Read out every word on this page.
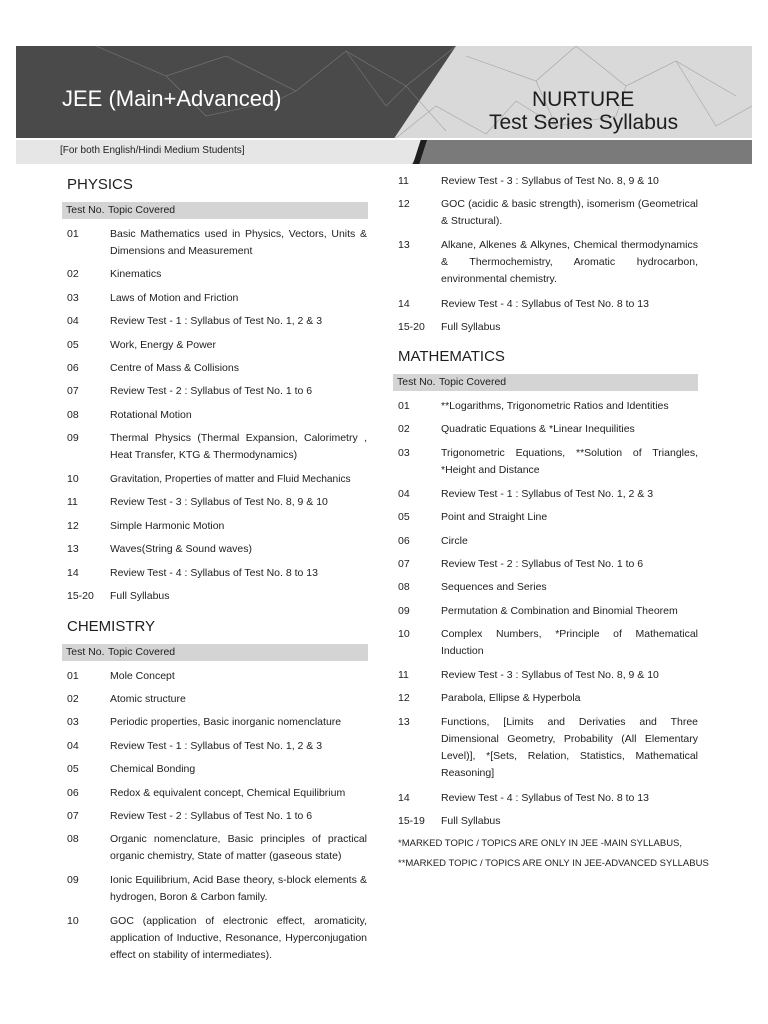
JEE (Main+Advanced)	NURTURE
Test Series Syllabus
[For both English/Hindi Medium Students]
PHYSICS
Test No. Topic Covered
01	Basic Mathematics used in Physics, Vectors, Units & Dimensions and Measurement
02	Kinematics
03	Laws of Motion and Friction
04	Review Test - 1 : Syllabus of Test No. 1, 2 & 3
05	Work, Energy & Power
06	Centre of Mass & Collisions
07	Review Test - 2 : Syllabus of Test No. 1 to 6
08	Rotational Motion
09	Thermal Physics (Thermal Expansion, Calorimetry , Heat Transfer, KTG & Thermodynamics)
10	Gravitation, Properties of matter and Fluid Mechanics
11	Review Test - 3 : Syllabus of Test No. 8, 9 & 10
12	Simple Harmonic Motion
13	Waves(String & Sound waves)
14	Review Test - 4 : Syllabus of Test No. 8 to 13
15-20	Full Syllabus
CHEMISTRY
Test No. Topic Covered
01	Mole Concept
02	Atomic structure
03	Periodic properties, Basic inorganic nomenclature
04	Review Test - 1 : Syllabus of Test No. 1, 2 & 3
05	Chemical Bonding
06	Redox & equivalent concept, Chemical Equilibrium
07	Review Test - 2 : Syllabus of Test No. 1 to 6
08	Organic nomenclature, Basic principles of practical organic chemistry, State of matter (gaseous state)
09	Ionic Equilibrium, Acid Base theory, s-block elements & hydrogen, Boron & Carbon family.
10	GOC (application of electronic effect, aromaticity, application of Inductive, Resonance, Hyperconjugation effect on stability of intermediates).
11	Review Test - 3 : Syllabus of Test No. 8, 9 & 10
12	GOC (acidic & basic strength), isomerism (Geometrical & Structural).
13	Alkane, Alkenes & Alkynes, Chemical thermodynamics & Thermochemistry, Aromatic hydrocarbon, environmental chemistry.
14	Review Test - 4 : Syllabus of Test No. 8 to 13
15-20	Full Syllabus
MATHEMATICS
Test No. Topic Covered
01	**Logarithms, Trigonometric Ratios and Identities
02	Quadratic Equations & *Linear Inequilities
03	Trigonometric Equations, **Solution of Triangles, *Height and Distance
04	Review Test - 1 : Syllabus of Test No. 1, 2 & 3
05	Point and Straight Line
06	Circle
07	Review Test - 2 : Syllabus of Test No. 1 to 6
08	Sequences and Series
09	Permutation & Combination and Binomial Theorem
10	Complex Numbers, *Principle of Mathematical Induction
11	Review Test - 3 : Syllabus of Test No. 8, 9 & 10
12	Parabola, Ellipse & Hyperbola
13	Functions, [Limits and Derivaties and Three Dimensional Geometry, Probability (All Elementary Level)], *[Sets, Relation, Statistics, Mathematical Reasoning]
14	Review Test - 4 : Syllabus of Test No. 8 to 13
15-19	Full Syllabus
*MARKED TOPIC / TOPICS ARE ONLY IN JEE -MAIN SYLLABUS,
**MARKED TOPIC / TOPICS ARE ONLY IN JEE-ADVANCED SYLLABUS
